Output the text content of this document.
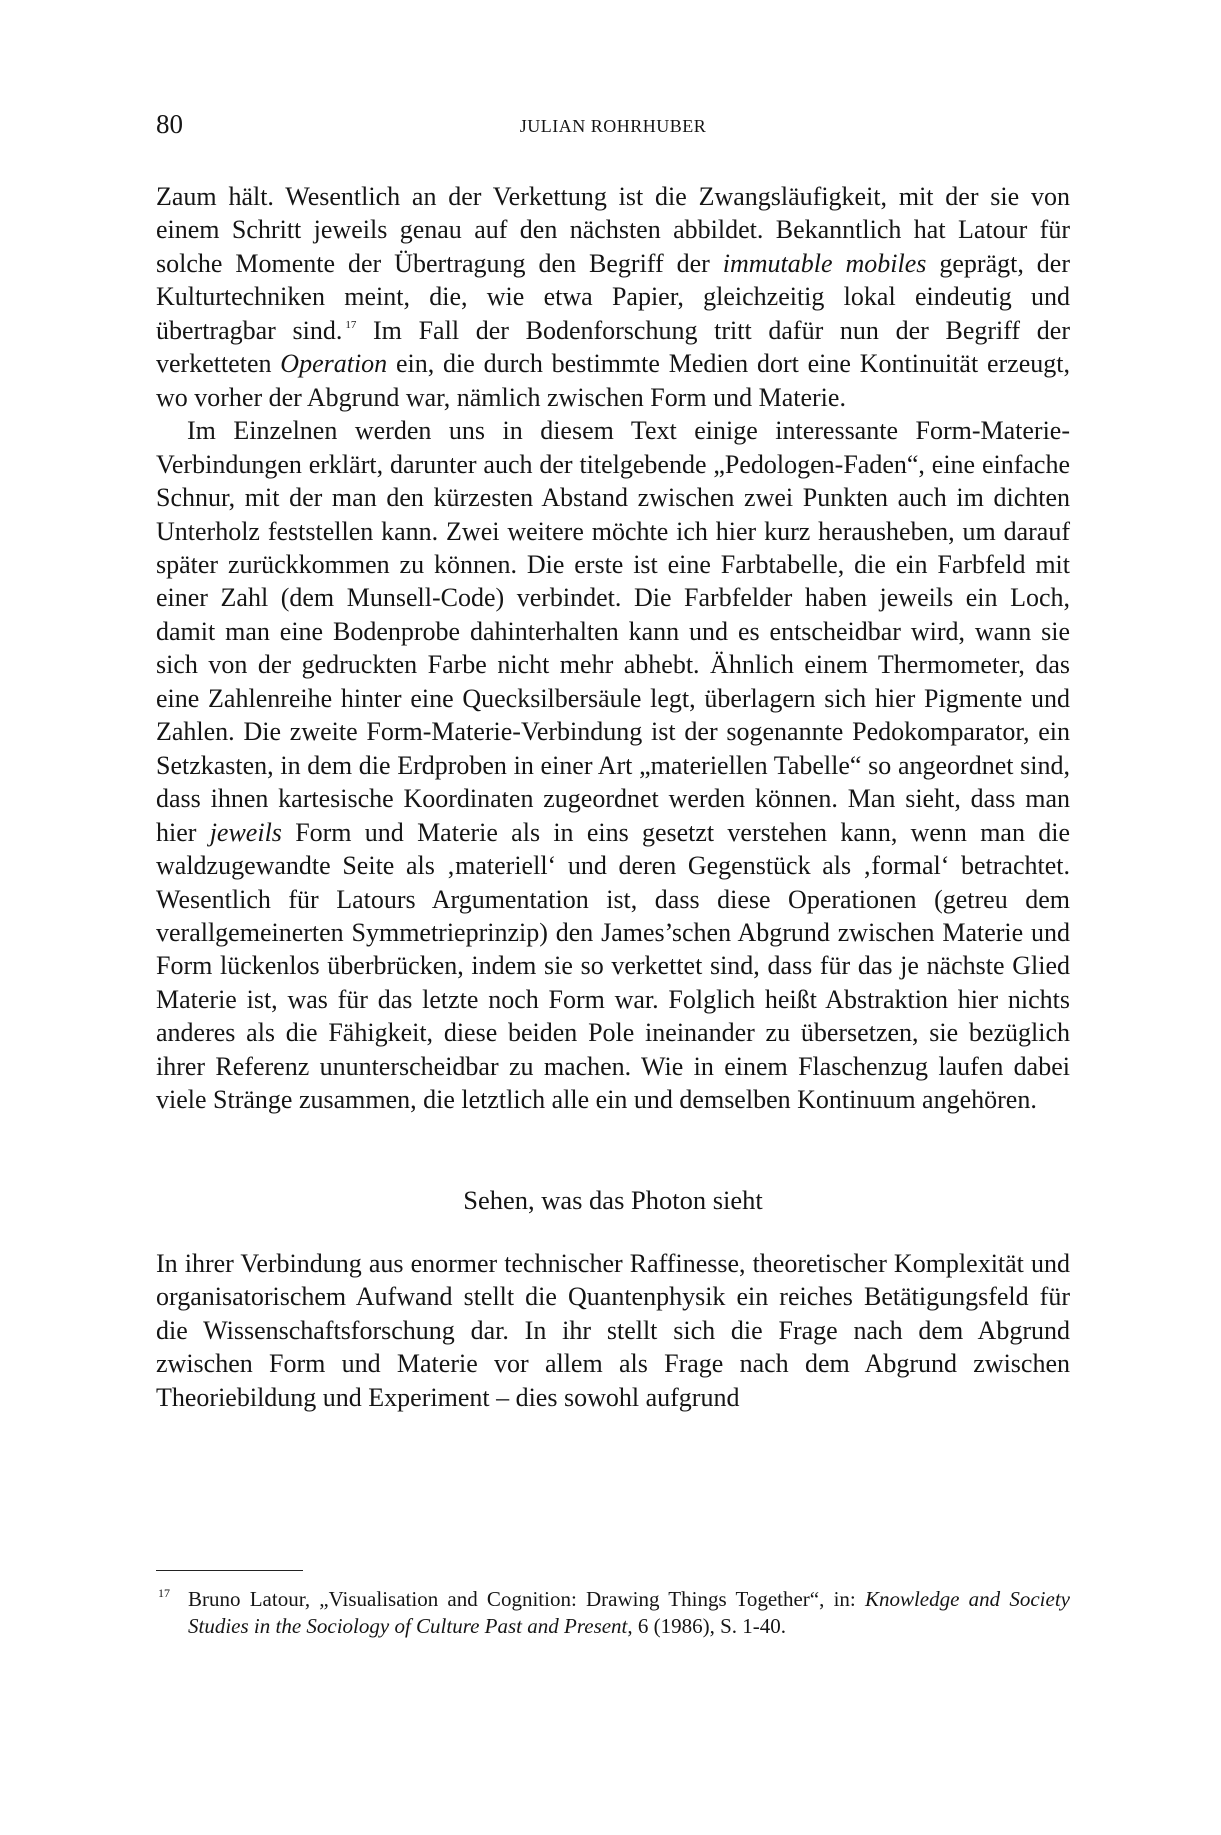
80	JULIAN ROHRHUBER

Zaum hält. Wesentlich an der Verkettung ist die Zwangsläufigkeit, mit der sie von einem Schritt jeweils genau auf den nächsten abbildet. Bekanntlich hat Latour für solche Momente der Übertragung den Begriff der immutable mobiles geprägt, der Kulturtechniken meint, die, wie etwa Papier, gleichzeitig lokal eindeutig und übertragbar sind. $^{17}$ Im Fall der Bodenforschung tritt dafür nun der Begriff der verketteten Operation ein, die durch bestimmte Medien dort eine Kontinuität erzeugt, wo vorher der Abgrund war, nämlich zwischen Form und Materie.

Im Einzelnen werden uns in diesem Text einige interessante Form-Materie-Verbindungen erklärt, darunter auch der titelgebende „Pedologen-Faden“, eine einfache Schnur, mit der man den kürzesten Abstand zwischen zwei Punkten auch im dichten Unterholz feststellen kann. Zwei weitere möchte ich hier kurz herausheben, um darauf später zurückkommen zu können. Die erste ist eine Farbtabelle, die ein Farbfeld mit einer Zahl (dem Munsell-Code) verbindet. Die Farbfelder haben jeweils ein Loch, damit man eine Bodenprobe dahinterhalten kann und es entscheidbar wird, wann sie sich von der gedruckten Farbe nicht mehr abhebt. Ähnlich einem Thermometer, das eine Zahlenreihe hinter eine Quecksilbersäule legt, überlagern sich hier Pigmente und Zahlen. Die zweite Form-Materie-Verbindung ist der sogenannte Pedokomparator, ein Setzkasten, in dem die Erdproben in einer Art „materiellen Tabelle“ so angeordnet sind, dass ihnen kartesische Koordinaten zugeordnet werden können. Man sieht, dass man hier jeweils Form und Materie als in eins gesetzt verstehen kann, wenn man die waldzugewandte Seite als ‚materiell‘ und deren Gegenstück als ‚formal‘ betrachtet. Wesentlich für Latours Argumentation ist, dass diese Operationen (getreu dem verallgemeinerten Symmetrieprinzip) den James’schen Abgrund zwischen Materie und Form lückenlos überbrücken, indem sie so verkettet sind, dass für das je nächste Glied Materie ist, was für das letzte noch Form war. Folglich heißt Abstraktion hier nichts anderes als die Fähigkeit, diese beiden Pole ineinander zu übersetzen, sie bezüglich ihrer Referenz ununterscheidbar zu machen. Wie in einem Flaschenzug laufen dabei viele Stränge zusammen, die letztlich alle ein und demselben Kontinuum angehören.

Sehen, was das Photon sieht

In ihrer Verbindung aus enormer technischer Raffinesse, theoretischer Komplexität und organisatorischem Aufwand stellt die Quantenphysik ein reiches Betätigungsfeld für die Wissenschaftsforschung dar. In ihr stellt sich die Frage nach dem Abgrund zwischen Form und Materie vor allem als Frage nach dem Abgrund zwischen Theoriebildung und Experiment – dies sowohl aufgrund

17 Bruno Latour, „Visualisation and Cognition: Drawing Things Together“, in: Knowledge and Society Studies in the Sociology of Culture Past and Present, 6 (1986), S. 1-40.
